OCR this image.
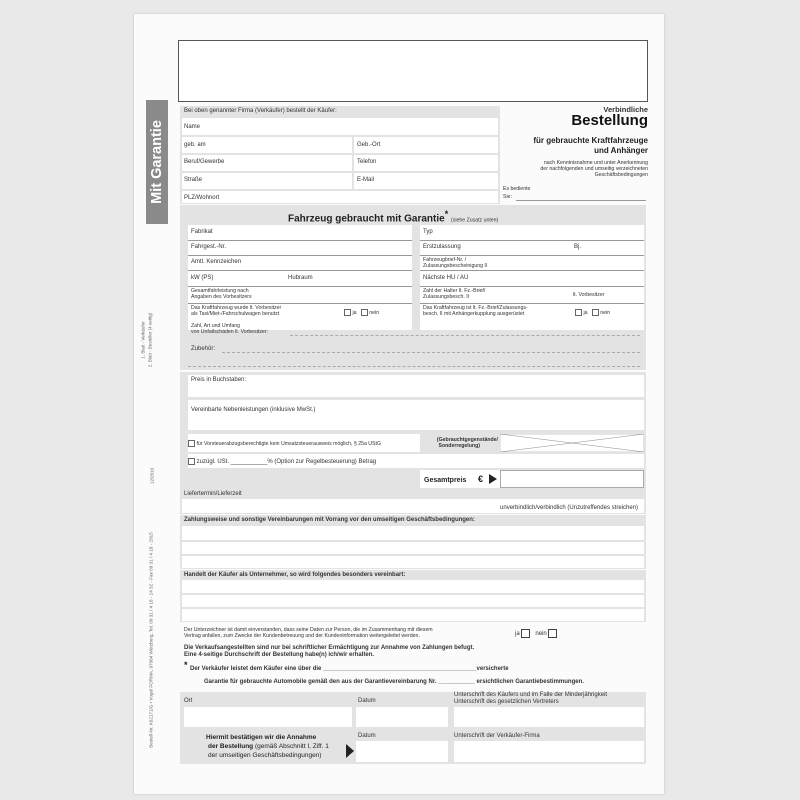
Mit Garantie
1. Blatt - Verkäufer 2. Blatt - Besteller (4-seitig)
12/2010
Bestell-Nr. K02171/G • Vogel FORMA, 97064 Würzburg, Tel. 09 31 / 4 18 - 24 32 - Fax 09 31 / 4 18 - 2915
Verbindliche
Bestellung
für gebrauchte Kraftfahrzeuge
und Anhänger
nach Kenntnisnahme und unter Anerkennung
der nachfolgenden und umseitig verzeichneten
Geschäftsbedingungen
Es bediente
Sie:
Bei oben genannter Firma (Verkäufer) bestellt der Käufer:
Name
geb. am	Geb.-Ort
Beruf/Gewerbe	Telefon
Straße	E-Mail
PLZ/Wohnort
Fahrzeug gebraucht mit Garantie* (siehe Zusatz unten)
Fabrikat	Typ
Fahrgest.-Nr.	Erstzulassung	Bj.
Amtl. Kennzeichen	Fahrzeugbrief-Nr. /
Zulassungsbescheinigung II
kW (PS)	Hubraum	Nächste HU / AU
Gesamtfahrleistung nach
Angaben des Vorbesitzers
Zahl der Halter lt. Fz.-Brief/
Zulassungsbesch. II	lt. Vorbesitzer
Das Kraftfahrzeug wurde lt. Vorbesitzer
als Taxi/Miet-/Fahrschulwagen benutzt	ja nein
Das Kraftfahrzeug ist lt. Fz.-Brief/Zulassungs-
besch. II mit Anhängerkupplung ausgerüstet	ja nein
Zahl, Art und Umfang
von Unfallschäden lt. Vorbesitzer:
Zubehör:
Preis in Buchstaben:
Vereinbarte Nebenleistungen (inklusive MwSt.)
für Vorsteuerabzugsberechtigte kein Umsatzsteuerausweis möglich, § 25a UStG
(Gebrauchtgegenstände/
Sonderregelung)
zuzügl. USt. ___________% (Option zur Regelbesteuerung) Betrag
Gesamtpreis €
Liefertermin/Lieferzeit
unverbindlich/verbindlich (Unzutreffendes streichen)
Zahlungsweise und sonstige Vereinbarungen mit Vorrang vor den umseitigen Geschäftsbedingungen:
Handelt der Käufer als Unternehmer, so wird folgendes besonders vereinbart:
Der Unterzeichner ist damit einverstanden, dass seine Daten zur Person, die im Zusammenhang mit diesem
Vertrag anfallen, zum Zwecke der Kundenbetreuung und der Kundeninformation weitergeleitet werden.	ja	nein
Die Verkaufsangestellten sind nur bei schriftlicher Ermächtigung zur Annahme von Zahlungen befugt.
Eine 4-seitige Durchschrift der Bestellung habe(n) ich/wir erhalten.
* Der Verkäufer leistet dem Käufer eine über die ______________________________________________versicherte
Garantie für gebrauchte Automobile gemäß den aus der Garantievereinbarung Nr. ___________ ersichtlichen Garantiebestimmungen.
Ort	Datum
Unterschrift des Käufers und im Falle der Minderjährigkeit
Unterschrift des gesetzlichen Vertreters
Hiermit bestätigen wir die Annahme
der Bestellung (gemäß Abschnitt I, Ziff. 1
der umseitigen Geschäftsbedingungen)
Datum	Unterschrift der Verkäufer-Firma
